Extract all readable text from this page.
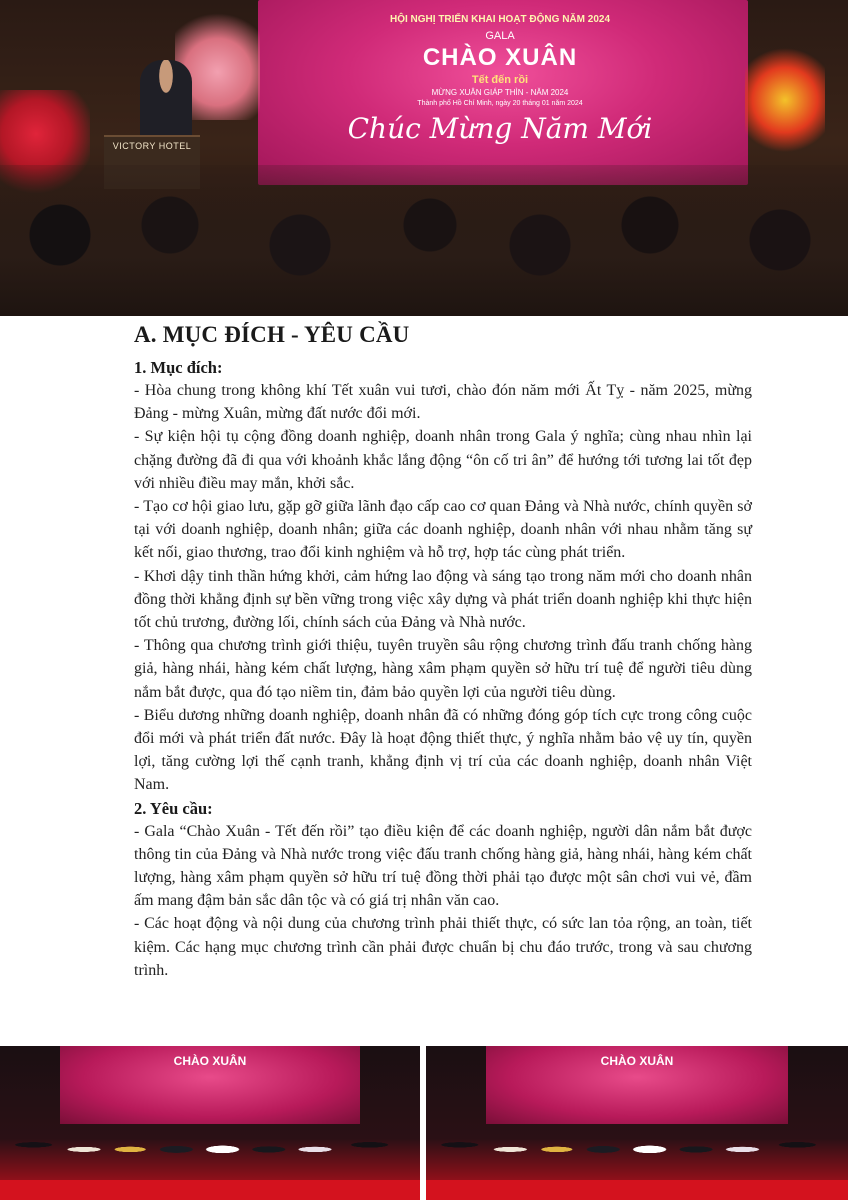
HỘI NGHỊ TRIỂN KHAI HOẠT ĐỘNG NĂM 2024
GALA
CHÀO XUÂN
Tết đến rồi
MỪNG XUÂN GIÁP THÌN - NĂM 2024
Thành phố Hồ Chí Minh, ngày 20 tháng 01 năm 2024
Chúc Mừng Năm Mới
VICTORY HOTEL
A. MỤC ĐÍCH - YÊU CẦU
1. Mục đích:

- Hòa chung trong không khí Tết xuân vui tươi, chào đón năm mới Ất Tỵ - năm 2025, mừng Đảng - mừng Xuân, mừng đất nước đổi mới.

- Sự kiện hội tụ cộng đồng doanh nghiệp, doanh nhân trong Gala ý nghĩa; cùng nhau nhìn lại chặng đường đã đi qua với khoảnh khắc lắng động “ôn cố tri ân” để hướng tới tương lai tốt đẹp với nhiều điều may mắn, khởi sắc.

- Tạo cơ hội giao lưu, gặp gỡ giữa lãnh đạo cấp cao cơ quan Đảng và Nhà nước, chính quyền sở tại với doanh nghiệp, doanh nhân; giữa các doanh nghiệp, doanh nhân với nhau nhằm tăng sự kết nối, giao thương, trao đổi kinh nghiệm và hỗ trợ, hợp tác cùng phát triển.

- Khơi dậy tinh thần hứng khởi, cảm hứng lao động và sáng tạo trong năm mới cho doanh nhân đồng thời khẳng định sự bền vững trong việc xây dựng và phát triển doanh nghiệp khi thực hiện tốt chủ trương, đường lối, chính sách của Đảng và Nhà nước.

- Thông qua chương trình giới thiệu, tuyên truyền sâu rộng chương trình đấu tranh chống hàng giả, hàng nhái, hàng kém chất lượng, hàng xâm phạm quyền sở hữu trí tuệ để người tiêu dùng nắm bắt được, qua đó tạo niềm tin, đảm bảo quyền lợi của người tiêu dùng.

- Biểu dương những doanh nghiệp, doanh nhân đã có những đóng góp tích cực trong công cuộc đổi mới và phát triển đất nước. Đây là hoạt động thiết thực, ý nghĩa nhằm bảo vệ uy tín, quyền lợi, tăng cường lợi thế cạnh tranh, khẳng định vị trí của các doanh nghiệp, doanh nhân Việt Nam.

2. Yêu cầu:

- Gala “Chào Xuân - Tết đến rồi” tạo điều kiện để các doanh nghiệp, người dân nắm bắt được thông tin của Đảng và Nhà nước trong việc đấu tranh chống hàng giả, hàng nhái, hàng kém chất lượng, hàng xâm phạm quyền sở hữu trí tuệ đồng thời phải tạo được một sân chơi vui vẻ, đầm ấm mang đậm bản sắc dân tộc và có giá trị nhân văn cao.

- Các hoạt động và nội dung của chương trình phải thiết thực, có sức lan tỏa rộng, an toàn, tiết kiệm. Các hạng mục chương trình cần phải được chuẩn bị chu đáo trước, trong và sau chương trình.

CHÀO XUÂN	CHÀO XUÂN
